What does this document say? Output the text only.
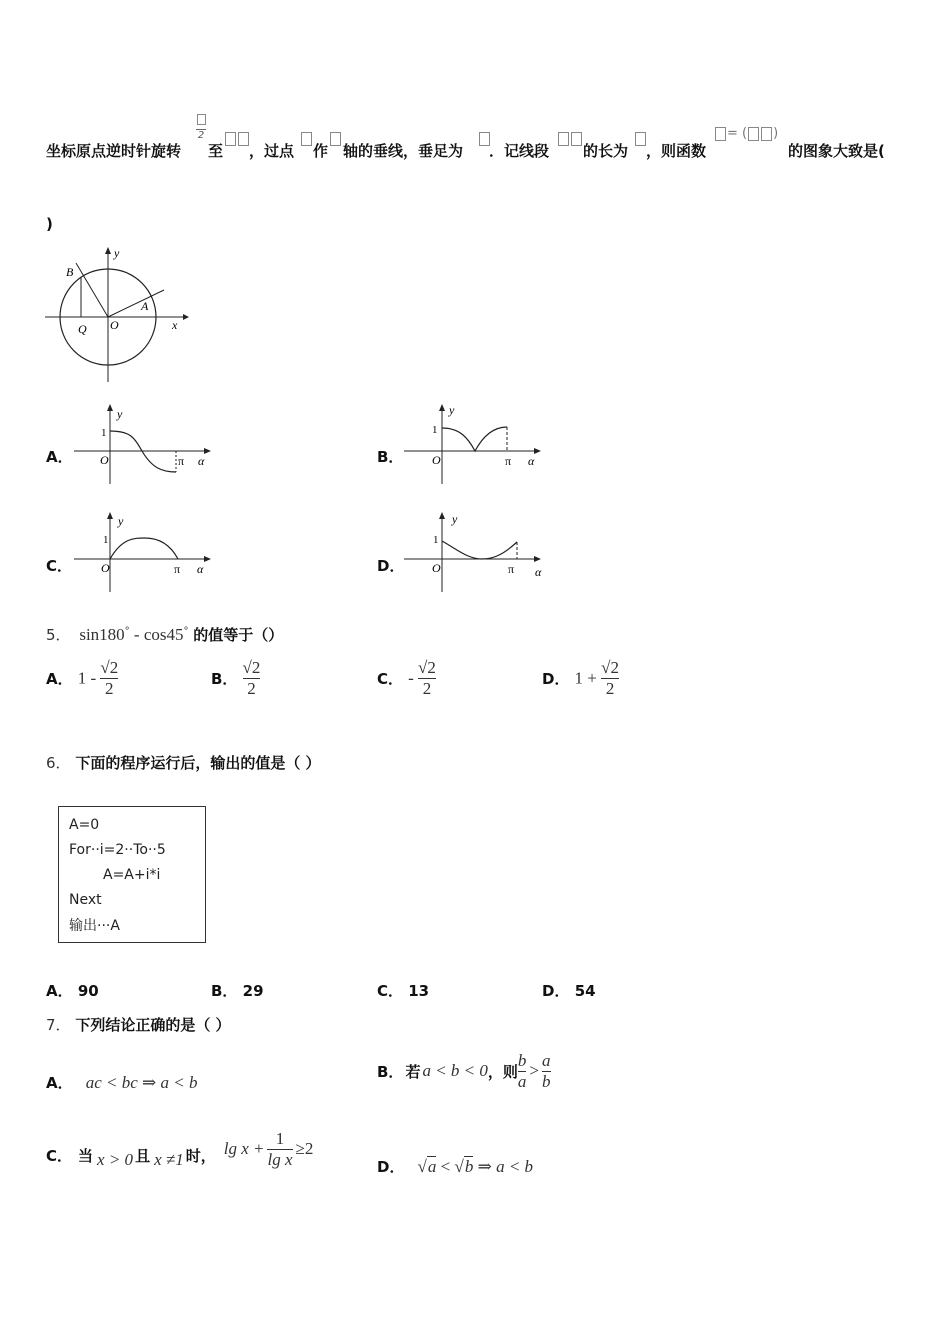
坐标原点逆时针旋转
2
至 ，过点 作 轴的垂线，垂足为 ．记线段 的长为 ，则函数
= ( )
的图象大致是(
)
y
x
B
A
Q O
A．
y
1
O	π α	B．
y
1
O	π α
C．
y
1
O	π α	D．
y
1
O	π α
5． sin180° - cos45° 的值等于（）
A． $1 - \frac{√2}{2}$	B． $\frac{√2}{2}$	C． - $\frac{√2}{2}$	D． $1 + \frac{√2}{2}$
6． 下面的程序运行后，输出的值是（ ）
A=0
For··i=2··To··5
A=A+i*i
Next
输出···A
A． 90	B． 29	C． 13	D． 54
7． 下列结论正确的是（ ）
A． ac < bc ⇒ a < b
B． 若 a < b < 0 ，则 $\frac{b}{a} > \frac{a}{b}$
C． 当 x > 0 且 x ≠1 时， $\lg x + \frac{1}{\text{lg x}} \ge 2$
D． √a < √b ⇒ a < b
